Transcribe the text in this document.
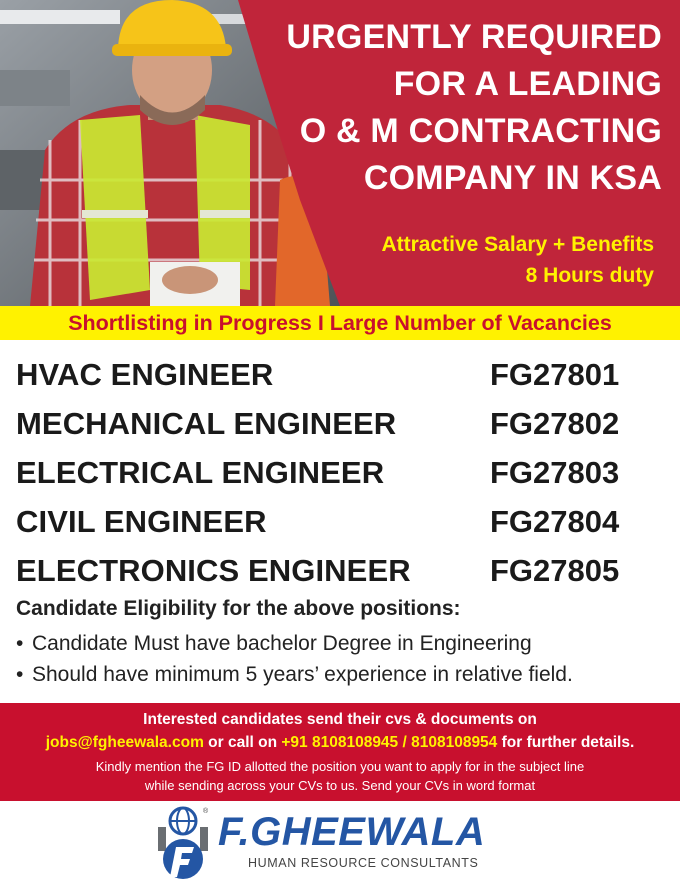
URGENTLY REQUIRED
FOR A LEADING
O & M CONTRACTING
COMPANY IN KSA
Attractive Salary + Benefits
8 Hours duty
Shortlisting in Progress I Large Number of Vacancies
HVAC ENGINEER	FG27801
MECHANICAL ENGINEER	FG27802
ELECTRICAL ENGINEER	FG27803
CIVIL ENGINEER	FG27804
ELECTRONICS ENGINEER	FG27805
Candidate Eligibility for the above positions:
• Candidate Must have bachelor Degree in Engineering
• Should have minimum 5 years’ experience in relative field.
Interested candidates send their cvs & documents on
jobs@fgheewala.com or call on +91 8108108945 / 8108108954 for further details.
Kindly mention the FG ID allotted the position you want to apply for in the subject line
while sending across your CVs to us. Send your CVs in word format
® F.GHEEWALA
HUMAN RESOURCE CONSULTANTS
